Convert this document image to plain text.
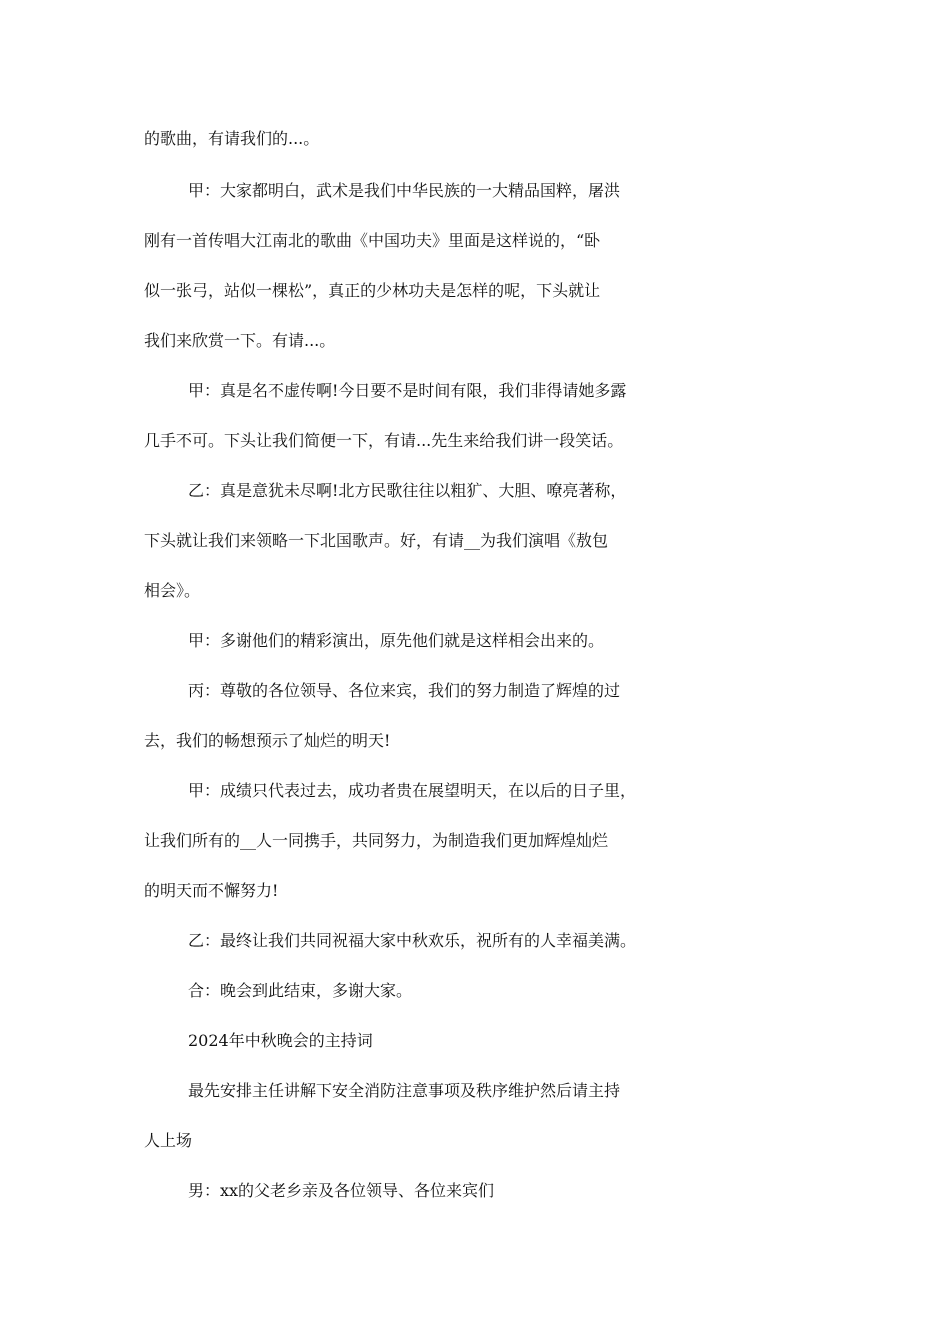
的歌曲，有请我们的...。
甲：大家都明白，武术是我们中华民族的一大精品国粹，屠洪
刚有一首传唱大江南北的歌曲《中国功夫》里面是这样说的，“卧
似一张弓，站似一棵松”，真正的少林功夫是怎样的呢，下头就让
我们来欣赏一下。有请...。
甲：真是名不虚传啊!今日要不是时间有限，我们非得请她多露
几手不可。下头让我们简便一下，有请...先生来给我们讲一段笑话。
乙：真是意犹未尽啊!北方民歌往往以粗犷、大胆、嘹亮著称，
下头就让我们来领略一下北国歌声。好，有请__为我们演唱《敖包
相会》。
甲：多谢他们的精彩演出，原先他们就是这样相会出来的。
丙：尊敬的各位领导、各位来宾，我们的努力制造了辉煌的过
去，我们的畅想预示了灿烂的明天!
甲：成绩只代表过去，成功者贵在展望明天，在以后的日子里，
让我们所有的__人一同携手，共同努力，为制造我们更加辉煌灿烂
的明天而不懈努力!
乙：最终让我们共同祝福大家中秋欢乐，祝所有的人幸福美满。
合：晚会到此结束，多谢大家。
2024年中秋晚会的主持词
最先安排主任讲解下安全消防注意事项及秩序维护然后请主持
人上场
男：xx的父老乡亲及各位领导、各位来宾们
